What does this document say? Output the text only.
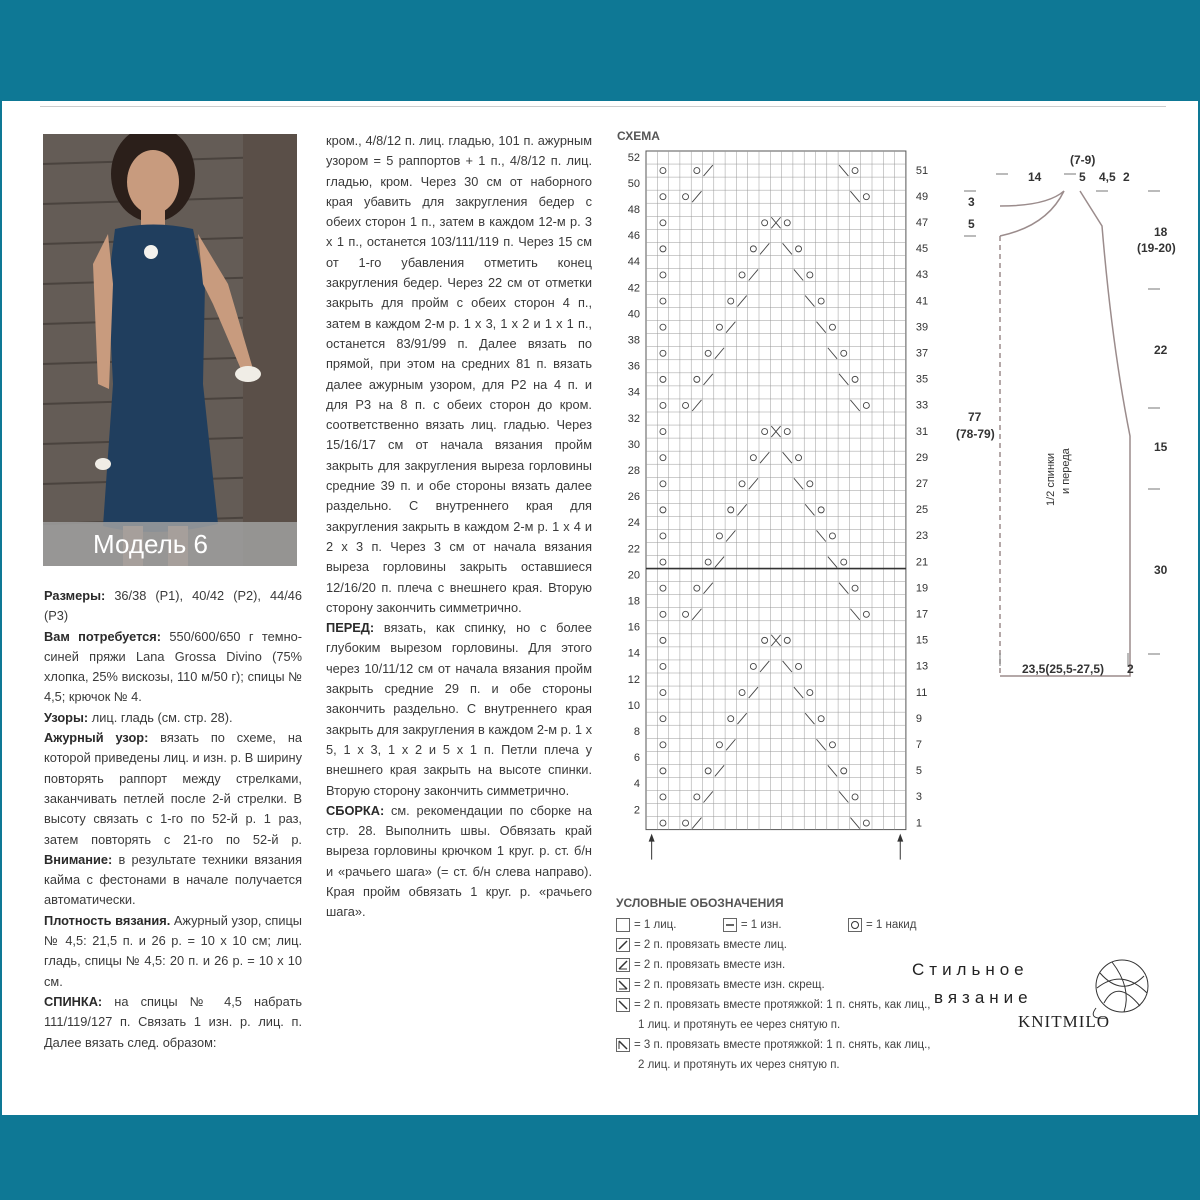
Модель 6

Размеры: 36/38 (Р1), 40/42 (Р2), 44/46 (Р3)

Вам потребуется: 550/600/650 г темно-синей пряжи Lana Grossa Divino (75% хлопка, 25% вискозы, 110 м/50 г); спицы № 4,5; крючок № 4.

Узоры: лиц. гладь (см. стр. 28).

Ажурный узор: вязать по схеме, на которой приведены лиц. и изн. р. В ширину повторять раппорт между стрелками, заканчивать петлей после 2-й стрелки. В высоту связать с 1-го по 52-й р. 1 раз, затем повторять с 21-го по 52-й р. Внимание: в результате техники вязания кайма с фестонами в начале получается автоматически.

Плотность вязания. Ажурный узор, спицы № 4,5: 21,5 п. и 26 р. = 10 х 10 см; лиц. гладь, спицы № 4,5: 20 п. и 26 р. = 10 х 10 см.

СПИНКА: на спицы № 4,5 набрать 111/119/127 п. Связать 1 изн. р. лиц. п. Далее вязать след. образом:

кром., 4/8/12 п. лиц. гладью, 101 п. ажурным узором = 5 раппортов + 1 п., 4/8/12 п. лиц. гладью, кром. Через 30 см от наборного края убавить для закругления бедер с обеих сторон 1 п., затем в каждом 12-м р. 3 х 1 п., останется 103/111/119 п. Через 15 см от 1-го убавления отметить конец закругления бедер. Через 22 см от отметки закрыть для пройм с обеих сторон 4 п., затем в каждом 2-м р. 1 х 3, 1 х 2 и 1 х 1 п., останется 83/91/99 п. Далее вязать по прямой, при этом на средних 81 п. вязать далее ажурным узором, для Р2 на 4 п. и для Р3 на 8 п. с обеих сторон до кром. соответственно вязать лиц. гладью. Через 15/16/17 см от начала вязания пройм закрыть для закругления выреза горловины средние 39 п. и обе стороны вязать далее раздельно. С внутреннего края для закругления закрыть в каждом 2-м р. 1 х 4 и 2 х 3 п. Через 3 см от начала вязания выреза горловины закрыть оставшиеся 12/16/20 п. плеча с внешнего края. Вторую сторону закончить симметрично.

ПЕРЕД: вязать, как спинку, но с более глубоким вырезом горловины. Для этого через 10/11/12 см от начала вязания пройм закрыть средние 29 п. и обе стороны закончить раздельно. С внутреннего края закрыть для закругления в каждом 2-м р. 1 х 5, 1 х 3, 1 х 2 и 5 х 1 п. Петли плеча у внешнего края закрыть на высоте спинки. Вторую сторону закончить симметрично.

СБОРКА: см. рекомендации по сборке на стр. 28. Выполнить швы. Обвязать край выреза горловины крючком 1 круг. р. ст. б/н и «рачьего шага» (= ст. б/н слева направо). Края пройм обвязать 1 круг. р. «рачьего шага».

СХЕМА
52
50
48
46
44
42
40
38
36
34
32
30
28
26
24
22
20
18
16
14
12
10
8
6
4
2
51
49
47
45
43
41
39
37
35
33
31
29
27
25
23
21
19
17
15
13
11
9
7
5
3
1
УСЛОВНЫЕ ОБОЗНАЧЕНИЯ
= 1 лиц.	= 1 изн.	= 1 накид
= 2 п. провязать вместе лиц.
= 2 п. провязать вместе изн.
= 2 п. провязать вместе изн. скрещ.
= 2 п. провязать вместе протяжкой: 1 п. снять, как лиц.,
1 лиц. и протянуть ее через снятую п.
= 3 п. провязать вместе протяжкой: 1 п. снять, как лиц.,
2 лиц. и протянуть их через снятую п.
14
(7-9)
5 4,5 2
3
5
18
(19-20)
77
(78-79)
22
15
30
23,5(25,5-27,5) 2
1/2 спинки и переда
Стильное
вязание
KNITMILO
